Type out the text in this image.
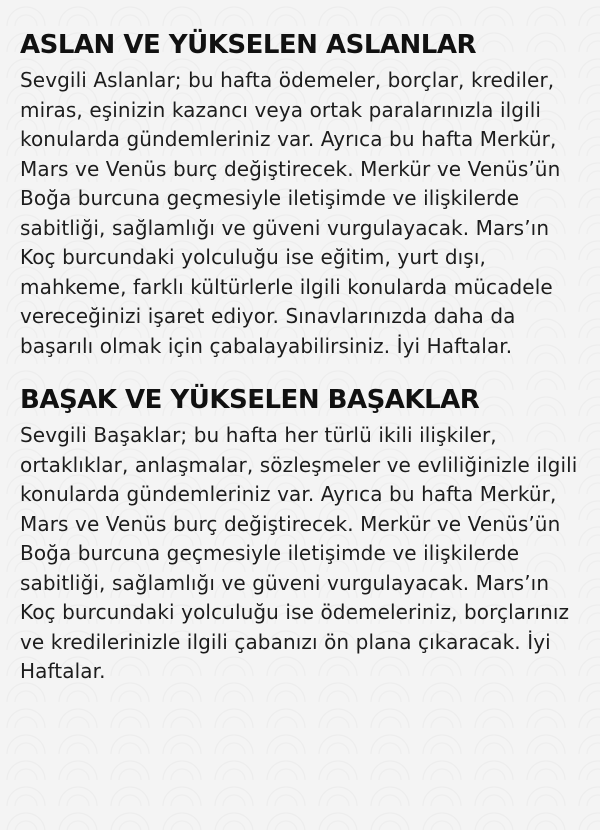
ASLAN VE YÜKSELEN ASLANLAR

Sevgili Aslanlar; bu hafta ödemeler, borçlar, krediler, miras, eşinizin kazancı veya ortak paralarınızla ilgili konularda gündemleriniz var. Ayrıca bu hafta Merkür, Mars ve Venüs burç değiştirecek. Merkür ve Venüs’ün Boğa burcuna geçmesiyle iletişimde ve ilişkilerde sabitliği, sağlamlığı ve güveni vurgulayacak. Mars’ın Koç burcundaki yolculuğu ise eğitim, yurt dışı, mahkeme, farklı kültürlerle ilgili konularda mücadele vereceğinizi işaret ediyor. Sınavlarınızda daha da başarılı olmak için çabalayabilirsiniz. İyi Haftalar.

BAŞAK VE YÜKSELEN BAŞAKLAR

Sevgili Başaklar; bu hafta her türlü ikili ilişkiler, ortaklıklar, anlaşmalar, sözleşmeler ve evliliğinizle ilgili konularda gündemleriniz var. Ayrıca bu hafta Merkür, Mars ve Venüs burç değiştirecek. Merkür ve Venüs’ün Boğa burcuna geçmesiyle iletişimde ve ilişkilerde sabitliği, sağlamlığı ve güveni vurgulayacak. Mars’ın Koç burcundaki yolculuğu ise ödemeleriniz, borçlarınız ve kredilerinizle ilgili çabanızı ön plana çıkaracak. İyi Haftalar.
